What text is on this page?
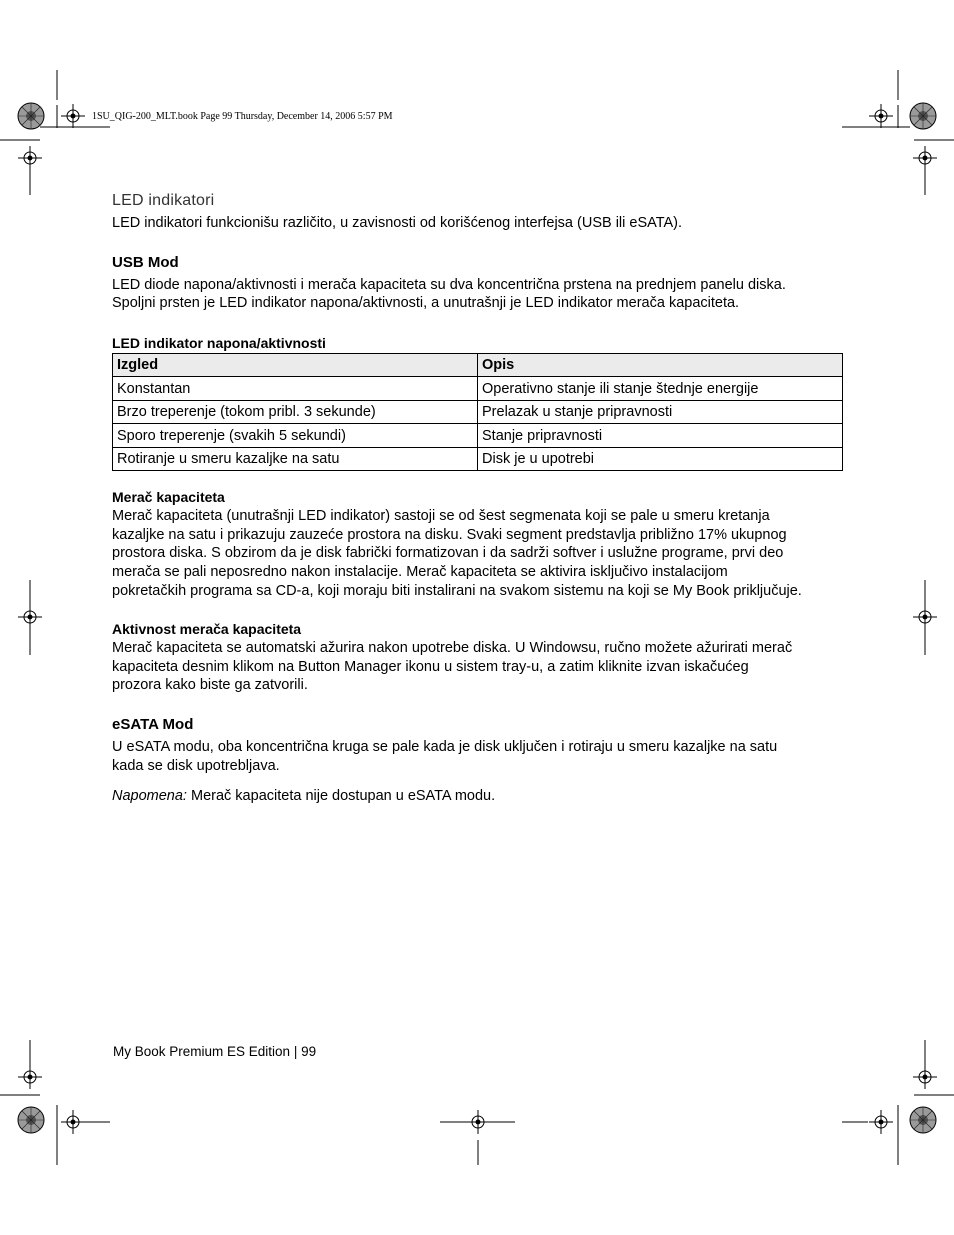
1SU_QIG-200_MLT.book Page 99 Thursday, December 14, 2006 5:57 PM
LED indikatori

LED indikatori funkcionišu različito, u zavisnosti od korišćenog interfejsa (USB ili eSATA).

USB Mod

LED diode napona/aktivnosti i merača kapaciteta su dva koncentrična prstena na prednjem panelu diska.
Spoljni prsten je LED indikator napona/aktivnosti, a unutrašnji je LED indikator merača kapaciteta.

LED indikator napona/aktivnosti
Izgled	Opis
Konstantan	Operativno stanje ili stanje štednje energije
Brzo treperenje (tokom pribl. 3 sekunde)	Prelazak u stanje pripravnosti
Sporo treperenje (svakih 5 sekundi)	Stanje pripravnosti
Rotiranje u smeru kazaljke na satu	Disk je u upotrebi
Merač kapaciteta

Merač kapaciteta (unutrašnji LED indikator) sastoji se od šest segmenata koji se pale u smeru kretanja
kazaljke na satu i prikazuju zauzeće prostora na disku. Svaki segment predstavlja približno 17% ukupnog
prostora diska. S obzirom da je disk fabrički formatizovan i da sadrži softver i uslužne programe, prvi deo
merača se pali neposredno nakon instalacije. Merač kapaciteta se aktivira isključivo instalacijom
pokretačkih programa sa CD-a, koji moraju biti instalirani na svakom sistemu na koji se My Book priključuje.

Aktivnost merača kapaciteta

Merač kapaciteta se automatski ažurira nakon upotrebe diska. U Windowsu, ručno možete ažurirati merač
kapaciteta desnim klikom na Button Manager ikonu u sistem tray-u, a zatim kliknite izvan iskačućeg
prozora kako biste ga zatvorili.

eSATA Mod

U eSATA modu, oba koncentrična kruga se pale kada je disk uključen i rotiraju u smeru kazaljke na satu
kada se disk upotrebljava.

Napomena: Merač kapaciteta nije dostupan u eSATA modu.

My Book Premium ES Edition | 99
